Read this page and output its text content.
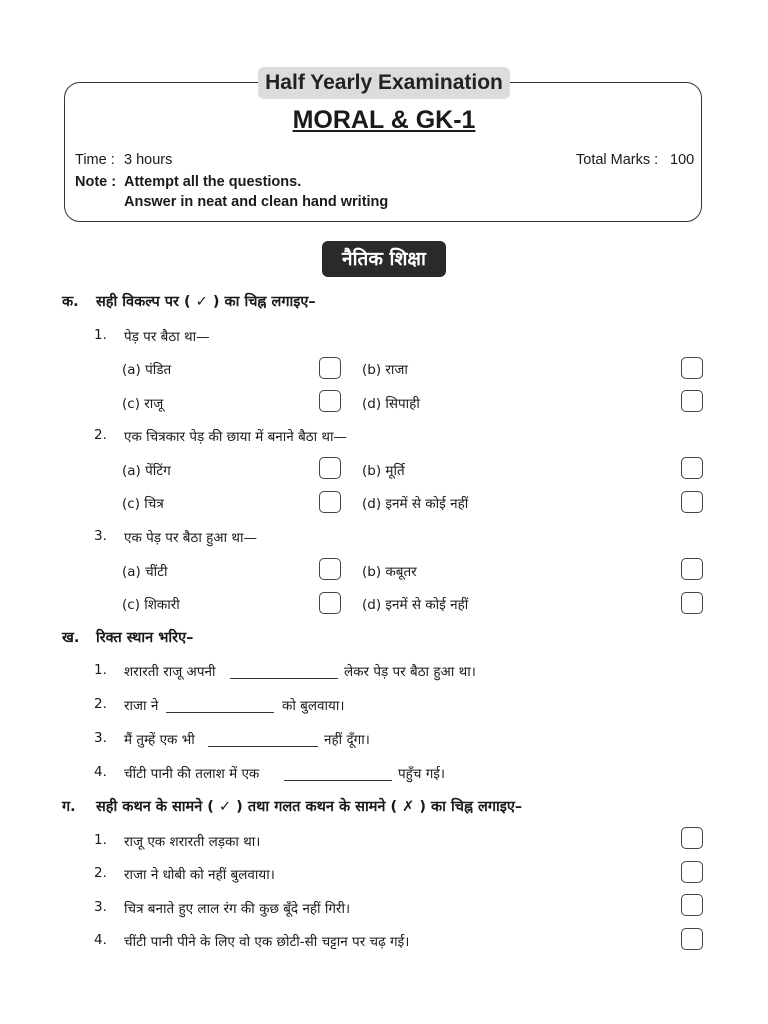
Half Yearly Examination
MORAL & GK-1
Time : 3 hours	Total Marks : 100
Note : Attempt all the questions.
Answer in neat and clean hand writing
नैतिक शिक्षा
क. सही विकल्प पर ( ✓ ) का चिह्न लगाइए–
1. पेड़ पर बैठा था—
(a) पंडित	(b) राजा
(c) राजू	(d) सिपाही
2. एक चित्रकार पेड़ की छाया में बनाने बैठा था—
(a) पेंटिंग	(b) मूर्ति
(c) चित्र	(d) इनमें से कोई नहीं
3. एक पेड़ पर बैठा हुआ था—
(a) चींटी	(b) कबूतर
(c) शिकारी	(d) इनमें से कोई नहीं
ख. रिक्त स्थान भरिए–
1. शरारती राजू अपनी	लेकर पेड़ पर बैठा हुआ था।
2. राजा ने	को बुलवाया।
3. मैं तुम्हें एक भी	नहीं दूँगा।
4. चींटी पानी की तलाश में एक	पहुँच गई।
ग. सही कथन के सामने ( ✓ ) तथा गलत कथन के सामने ( ✗ ) का चिह्न लगाइए–
1. राजू एक शरारती लड़का था।
2. राजा ने धोबी को नहीं बुलवाया।
3. चित्र बनाते हुए लाल रंग की कुछ बूँदे नहीं गिरी।
4. चींटी पानी पीने के लिए वो एक छोटी-सी चट्टान पर चढ़ गई।
